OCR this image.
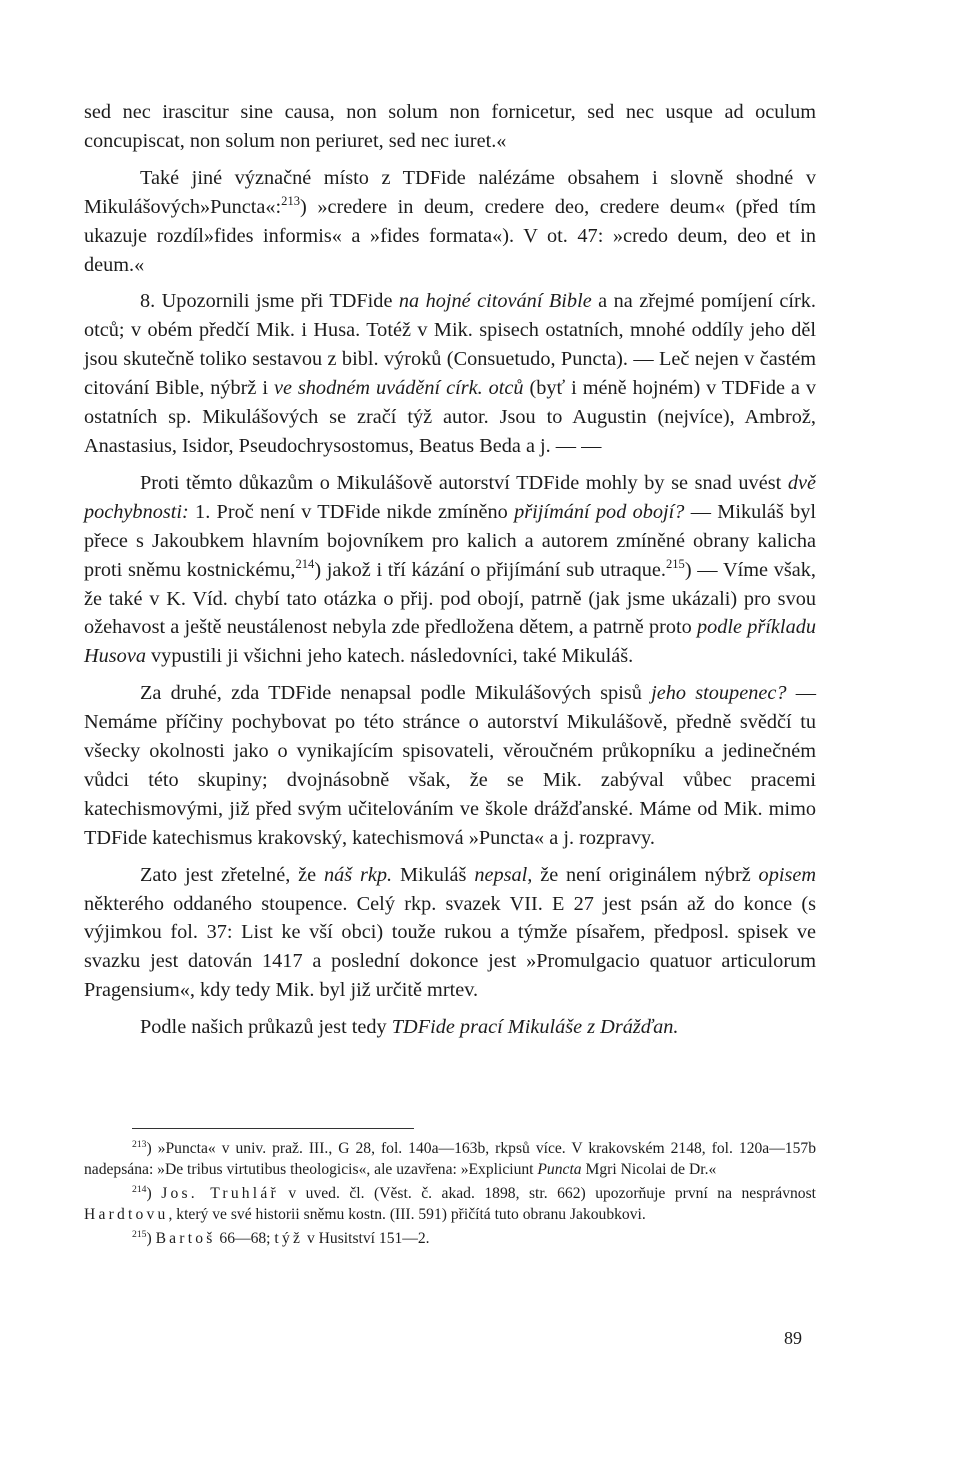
sed nec irascitur sine causa, non solum non fornicetur, sed nec usque ad oculum concupiscat, non solum non periuret, sed nec iuret.«

Také jiné význačné místo z TDFide nalézáme obsahem i slovně shodné v Mikulášových»Puncta«:$^{213}$) »credere in deum, credere deo, credere deum« (před tím ukazuje rozdíl»fides informis« a »fides formata«). V ot. 47: »credo deum, deo et in deum.«

8. Upozornili jsme při TDFide na hojné citování Bible a na zřejmé pomíjení círk. otců; v obém předčí Mik. i Husa. Totéž v Mik. spisech ostatních, mnohé oddíly jeho děl jsou skutečně toliko sestavou z bibl. výroků (Consuetudo, Puncta). — Leč nejen v častém citování Bible, nýbrž i ve shodném uvádění círk. otců (byť i méně hojném) v TDFide a v ostatních sp. Mikulášových se zračí týž autor. Jsou to Augustin (nejvíce), Ambrož, Anastasius, Isidor, Pseudochrysostomus, Beatus Beda a j. — —

Proti těmto důkazům o Mikulášově autorství TDFide mohly by se snad uvést dvě pochybnosti: 1. Proč není v TDFide nikde zmíněno přijímání pod obojí? — Mikuláš byl přece s Jakoubkem hlavním bojovníkem pro kalich a autorem zmíněné obrany kalicha proti sněmu kostnickému,$^{214}$) jakož i tří kázání o přijímání sub utraque.$^{215}$) — Víme však, že také v K. Víd. chybí tato otázka o přij. pod obojí, patrně (jak jsme ukázali) pro svou ožehavost a ještě neustálenost nebyla zde předložena dětem, a patrně proto podle příkladu Husova vypustili ji všichni jeho katech. následovníci, také Mikuláš.

Za druhé, zda TDFide nenapsal podle Mikulášových spisů jeho stoupenec? — Nemáme příčiny pochybovat po této stránce o autorství Mikulášově, předně svědčí tu všecky okolnosti jako o vynikajícím spisovateli, věroučném průkopníku a jedinečném vůdci této skupiny; dvojnásobně však, že se Mik. zabýval vůbec pracemi katechismovými, již před svým učitelováním ve škole drážďanské. Máme od Mik. mimo TDFide katechismus krakovský, katechismová »Puncta« a j. rozpravy.

Zato jest zřetelné, že náš rkp. Mikuláš nepsal, že není originálem nýbrž opisem některého oddaného stoupence. Celý rkp. svazek VII. E 27 jest psán až do konce (s výjimkou fol. 37: List ke vší obci) touže rukou a týmže písařem, předposl. spisek ve svazku jest datován 1417 a poslední dokonce jest »Promulgacio quatuor articulorum Pragensium«, kdy tedy Mik. byl již určitě mrtev.

Podle našich průkazů jest tedy TDFide prací Mikuláše z Drážďan.

$^{213}$) »Puncta« v univ. praž. III., G 28, fol. 140a—163b, rkpsů více. V krakovském 2148, fol. 120a—157b nadepsána: »De tribus virtutibus theologicis«, ale uzavřena: »Expliciunt Puncta Mgri Nicolai de Dr.«

$^{214}$) Jos. Truhlář v uved. čl. (Věst. č. akad. 1898, str. 662) upozorňuje první na nesprávnost Hardtovu, který ve své historii sněmu kostn. (III. 591) přičítá tuto obranu Jakoubkovi.

$^{215}$) Bartoš 66—68; týž v Husitství 151—2.

89
